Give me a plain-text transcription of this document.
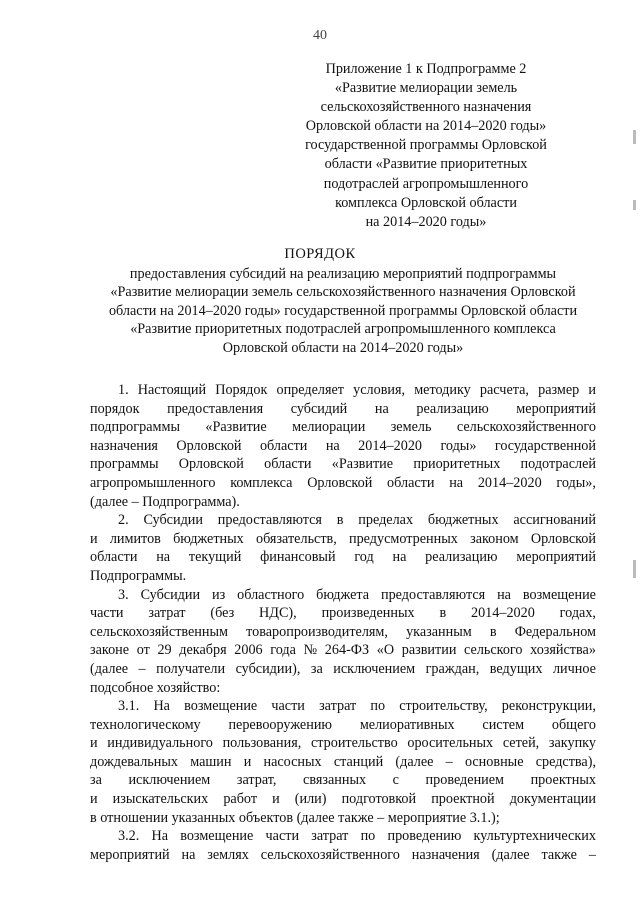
40
Приложение 1 к Подпрограмме 2
«Развитие мелиорации земель
сельскохозяйственного назначения
Орловской области на 2014–2020 годы»
государственной программы Орловской
области «Развитие приоритетных
подотраслей агропромышленного
комплекса Орловской области
на 2014–2020 годы»
ПОРЯДОК
предоставления субсидий на реализацию мероприятий подпрограммы
«Развитие мелиорации земель сельскохозяйственного назначения Орловской
области на 2014–2020 годы» государственной программы Орловской области
«Развитие приоритетных подотраслей агропромышленного комплекса
Орловской области на 2014–2020 годы»
1. Настоящий Порядок определяет условия, методику расчета, размер и
порядок предоставления субсидий на реализацию мероприятий
подпрограммы «Развитие мелиорации земель сельскохозяйственного
назначения Орловской области на 2014–2020 годы» государственной
программы Орловской области «Развитие приоритетных подотраслей
агропромышленного комплекса Орловской области на 2014–2020 годы»,
(далее – Подпрограмма).
2. Субсидии предоставляются в пределах бюджетных ассигнований
и лимитов бюджетных обязательств, предусмотренных законом Орловской
области на текущий финансовый год на реализацию мероприятий
Подпрограммы.
3. Субсидии из областного бюджета предоставляются на возмещение
части затрат (без НДС), произведенных в 2014–2020 годах,
сельскохозяйственным товаропроизводителям, указанным в Федеральном
законе от 29 декабря 2006 года № 264-ФЗ «О развитии сельского хозяйства»
(далее – получатели субсидии), за исключением граждан, ведущих личное
подсобное хозяйство:
3.1. На возмещение части затрат по строительству, реконструкции,
технологическому перевооружению мелиоративных систем общего
и индивидуального пользования, строительство оросительных сетей, закупку
дождевальных машин и насосных станций (далее – основные средства),
за исключением затрат, связанных с проведением проектных
и изыскательских работ и (или) подготовкой проектной документации
в отношении указанных объектов (далее также – мероприятие 3.1.);
3.2. На возмещение части затрат по проведению культуртехнических
мероприятий на землях сельскохозяйственного назначения (далее также –
